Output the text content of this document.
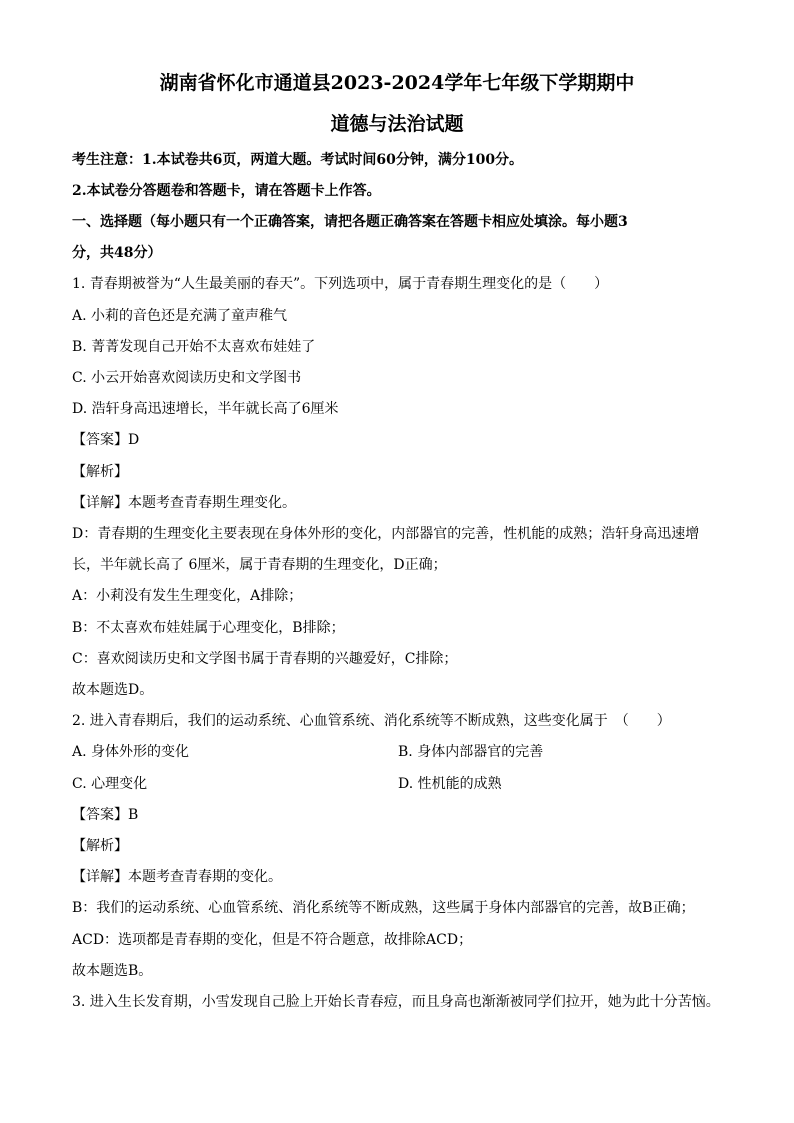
湖南省怀化市通道县2023-2024学年七年级下学期期中
道德与法治试题
考生注意：1.本试卷共6页，两道大题。考试时间60分钟，满分100分。
2.本试卷分答题卷和答题卡，请在答题卡上作答。
一、选择题（每小题只有一个正确答案，请把各题正确答案在答题卡相应处填涂。每小题3
分，共48分）
1. 青春期被誉为“人生最美丽的春天”。下列选项中，属于青春期生理变化的是（　　）
A. 小莉的音色还是充满了童声稚气
B. 菁菁发现自己开始不太喜欢布娃娃了
C. 小云开始喜欢阅读历史和文学图书
D. 浩轩身高迅速增长，半年就长高了6厘米
【答案】D
【解析】
【详解】本题考查青春期生理变化。
D：青春期的生理变化主要表现在身体外形的变化，内部器官的完善，性机能的成熟；浩轩身高迅速增
长，半年就长高了 6厘米，属于青春期的生理变化，D正确；
A：小莉没有发生生理变化，A排除；
B：不太喜欢布娃娃属于心理变化，B排除；
C：喜欢阅读历史和文学图书属于青春期的兴趣爱好，C排除；
故本题选D。
2. 进入青春期后，我们的运动系统、心血管系统、消化系统等不断成熟，这些变化属于　（　　）
A. 身体外形的变化	B. 身体内部器官的完善
C. 心理变化	D. 性机能的成熟
【答案】B
【解析】
【详解】本题考查青春期的变化。
B：我们的运动系统、心血管系统、消化系统等不断成熟，这些属于身体内部器官的完善，故B正确；
ACD：选项都是青春期的变化，但是不符合题意，故排除ACD；
故本题选B。
3. 进入生长发育期，小雪发现自己脸上开始长青春痘，而且身高也渐渐被同学们拉开，她为此十分苦恼。
